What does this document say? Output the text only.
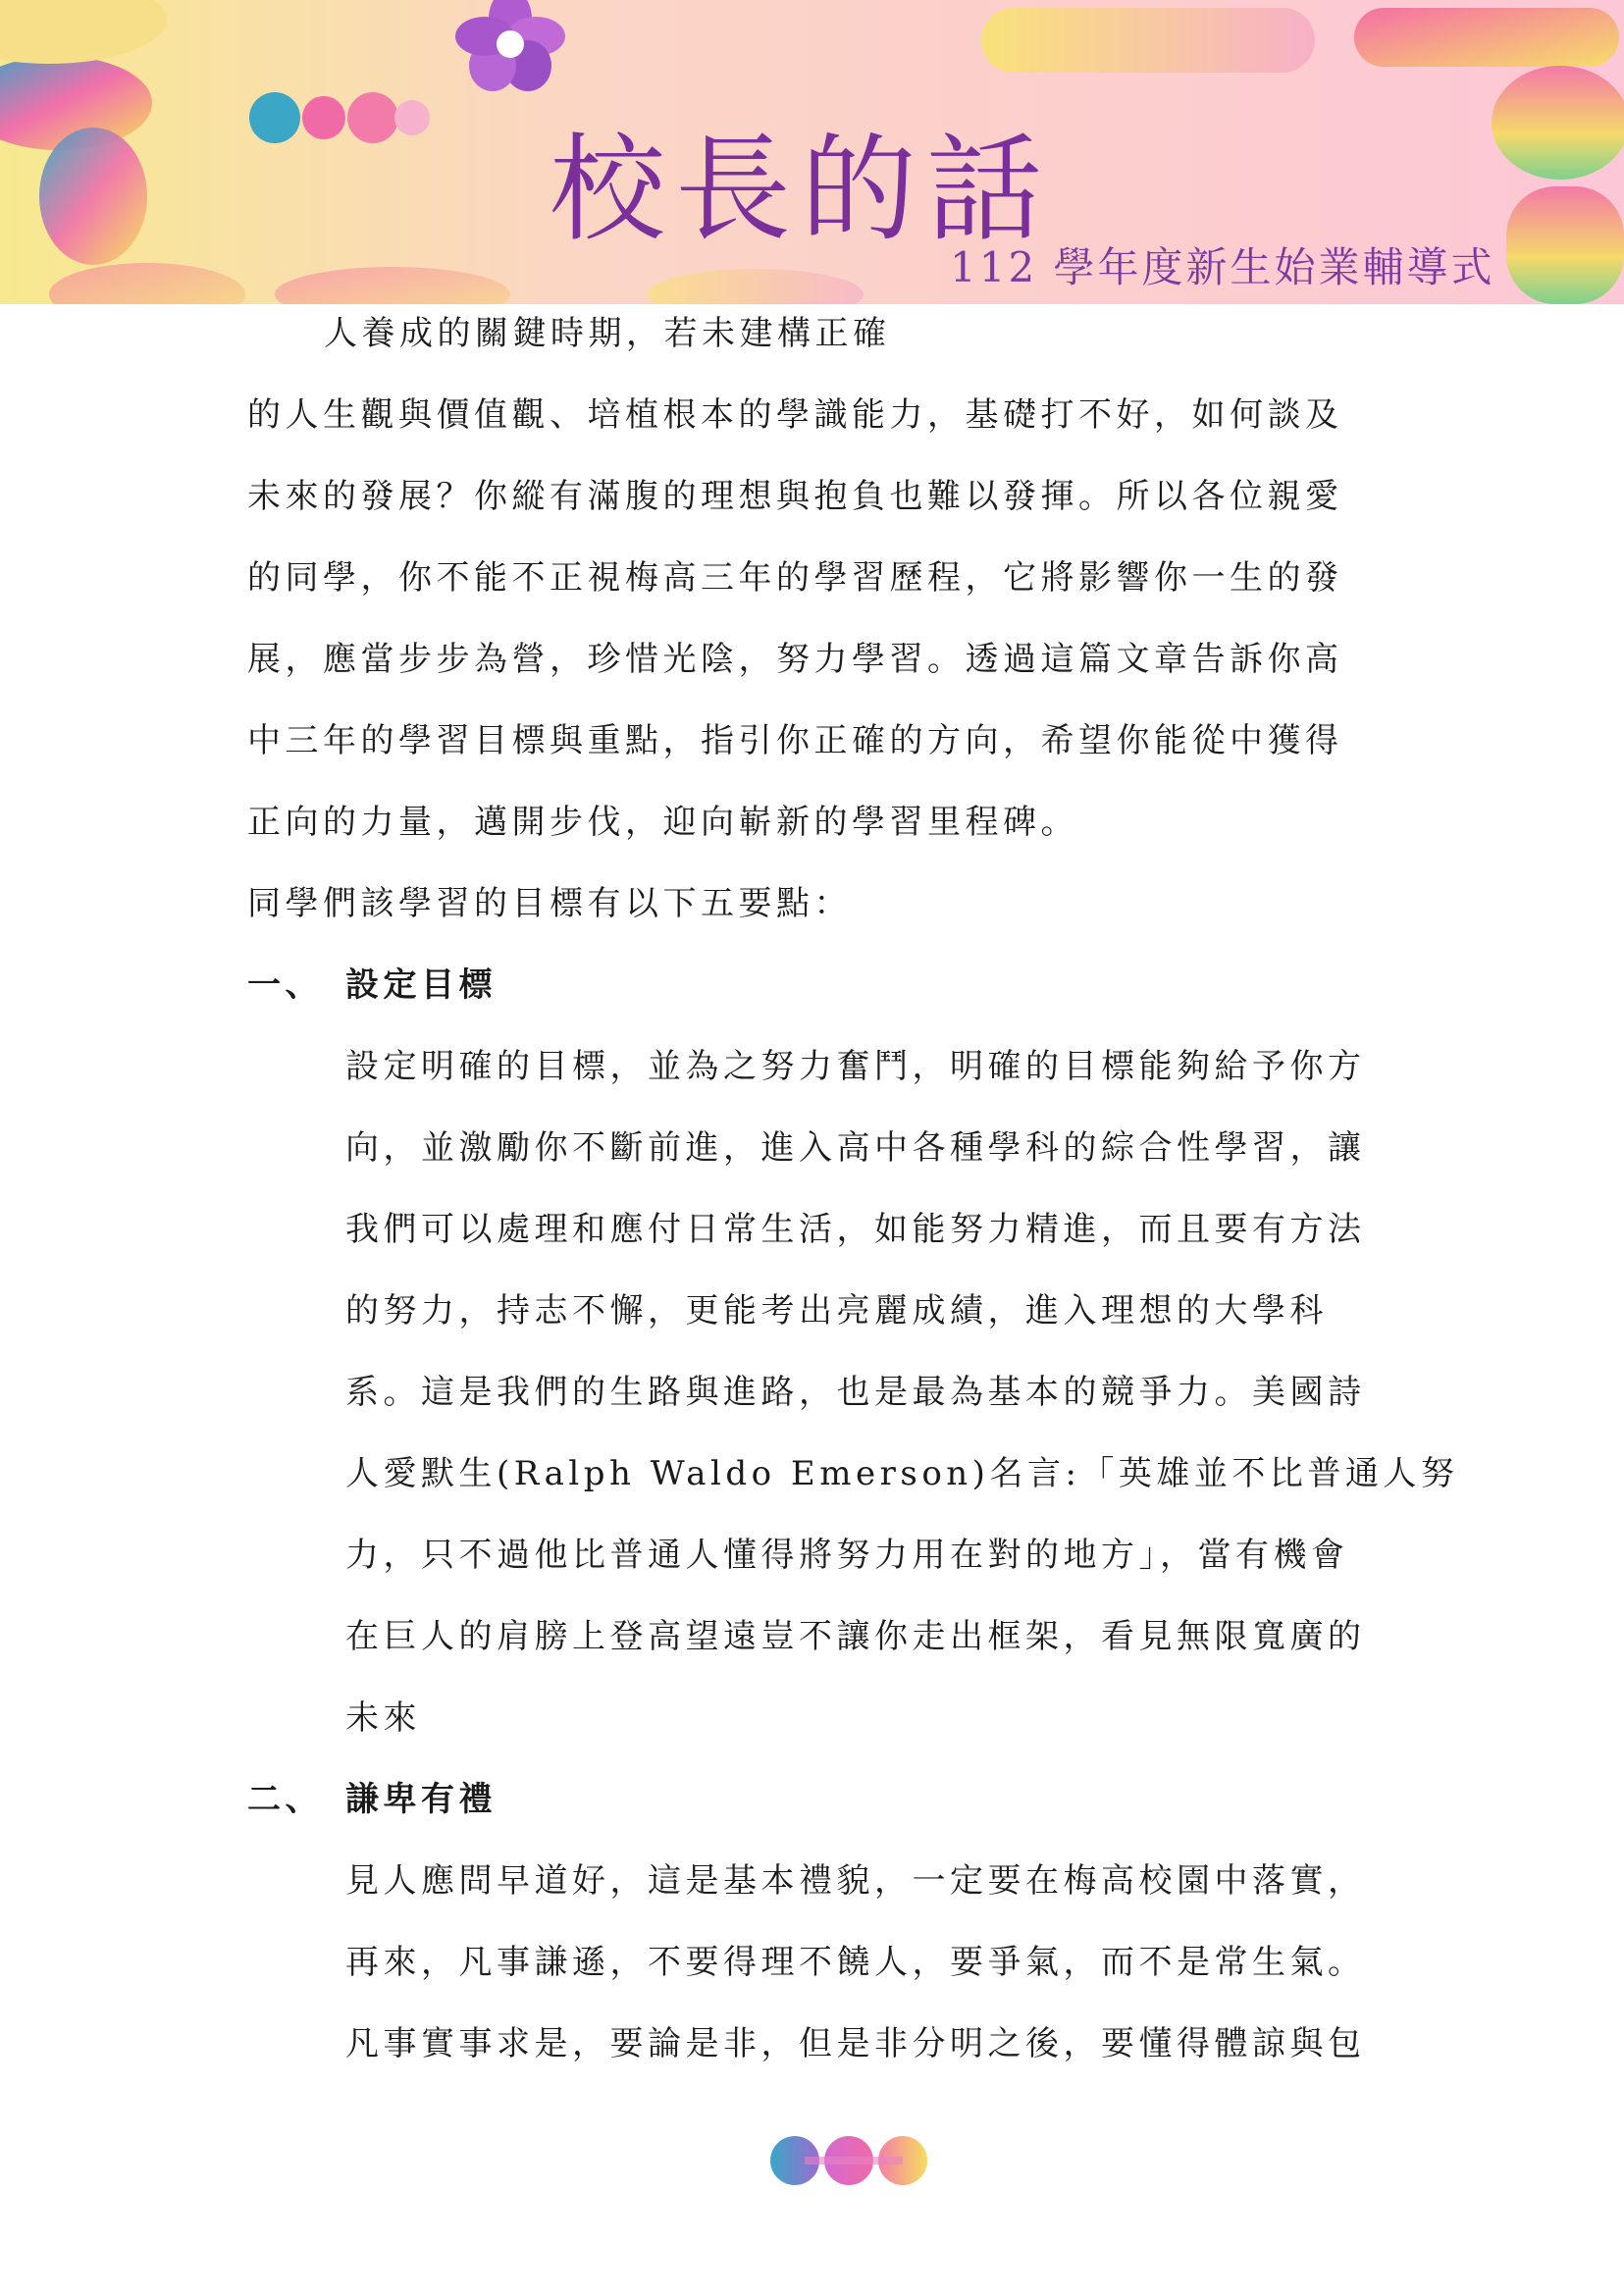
校長的話
112 學年度新生始業輔導式
人養成的關鍵時期，若未建構正確
的人生觀與價值觀、培植根本的學識能力，基礎打不好，如何談及
未來的發展？你縱有滿腹的理想與抱負也難以發揮。所以各位親愛
的同學，你不能不正視梅高三年的學習歷程，它將影響你一生的發
展，應當步步為營，珍惜光陰，努力學習。透過這篇文章告訴你高
中三年的學習目標與重點，指引你正確的方向，希望你能從中獲得
正向的力量，邁開步伐，迎向嶄新的學習里程碑。
同學們該學習的目標有以下五要點：
一、 設定目標
設定明確的目標，並為之努力奮鬥，明確的目標能夠給予你方
向，並激勵你不斷前進，進入高中各種學科的綜合性學習，讓
我們可以處理和應付日常生活，如能努力精進，而且要有方法
的努力，持志不懈，更能考出亮麗成績，進入理想的大學科
系。這是我們的生路與進路，也是最為基本的競爭力。美國詩
人愛默生(Ralph Waldo Emerson)名言:「英雄並不比普通人努
力，只不過他比普通人懂得將努力用在對的地方」，當有機會
在巨人的肩膀上登高望遠豈不讓你走出框架，看見無限寬廣的
未來
二、 謙卑有禮
見人應問早道好，這是基本禮貌，一定要在梅高校園中落實，
再來，凡事謙遜，不要得理不饒人，要爭氣，而不是常生氣。
凡事實事求是，要論是非，但是非分明之後，要懂得體諒與包
